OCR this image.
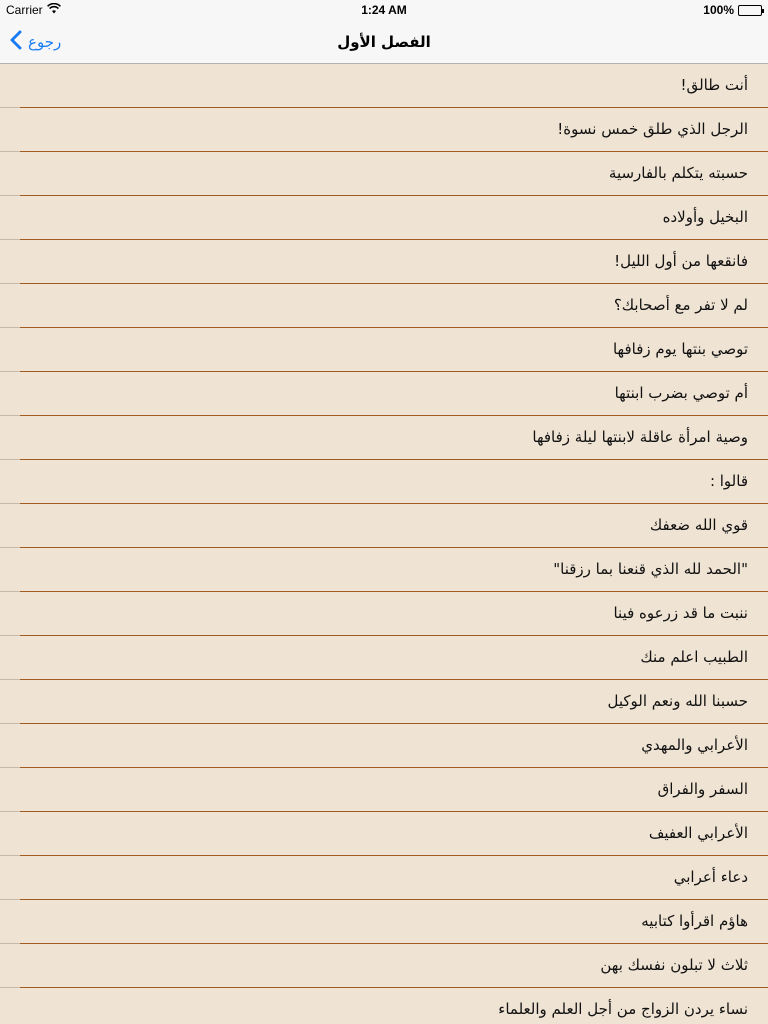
Carrier	1:24 AM	100%
رجوع	الفصل الأول
أنت طالق!
الرجل الذي طلق خمس نسوة!
حسبته يتكلم بالفارسية
البخيل وأولاده
فانقعها من أول الليل!
لم لا تفر مع أصحابك؟
توصي بنتها يوم زفافها
أم توصي بضرب ابنتها
وصية امرأة عاقلة لابنتها ليلة زفافها
قالوا :
قوي الله ضعفك
"الحمد لله الذي قنعنا بما رزقنا"
ننبت ما قد زرعوه فينا
الطبيب اعلم منك
حسبنا الله ونعم الوكيل
الأعرابي والمهدي
السفر والفراق
الأعرابي العفيف
دعاء أعرابي
هاؤم اقرأوا كتابيه
ثلاث لا تبلون نفسك بهن
نساء يردن الزواج من أجل العلم والعلماء
